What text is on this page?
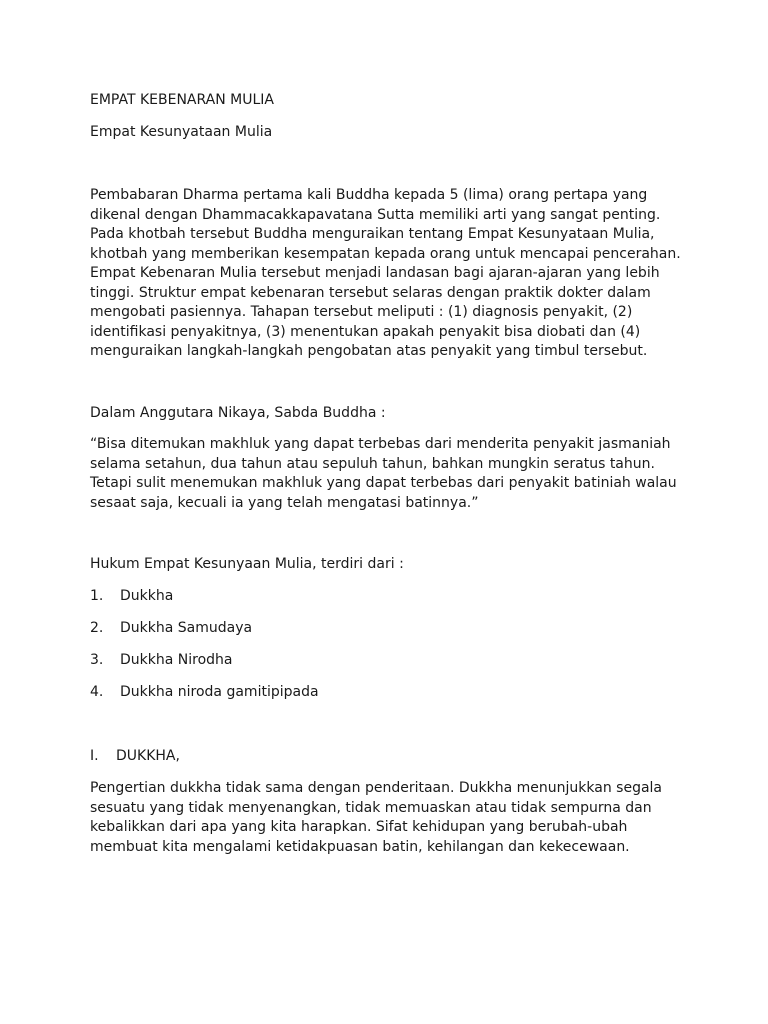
EMPAT KEBENARAN MULIA
Empat Kesunyataan Mulia

Pembabaran Dharma pertama kali Buddha kepada 5 (lima) orang pertapa yang

dikenal dengan Dhammacakkapavatana Sutta memiliki arti yang sangat penting.

Pada khotbah tersebut Buddha menguraikan tentang Empat Kesunyataan Mulia,

khotbah yang memberikan kesempatan kepada orang untuk mencapai pencerahan.

Empat Kebenaran Mulia tersebut menjadi landasan bagi ajaran-ajaran yang lebih

tinggi. Struktur empat kebenaran tersebut selaras dengan praktik dokter dalam

mengobati pasiennya. Tahapan tersebut meliputi : (1) diagnosis penyakit, (2)

identifikasi penyakitnya, (3) menentukan apakah penyakit bisa diobati dan (4)

menguraikan langkah-langkah pengobatan atas penyakit yang timbul tersebut.

Dalam Anggutara Nikaya, Sabda Buddha :

“Bisa ditemukan makhluk yang dapat terbebas dari menderita penyakit jasmaniah

selama setahun, dua tahun atau sepuluh tahun, bahkan mungkin seratus tahun.

Tetapi sulit menemukan makhluk yang dapat terbebas dari penyakit batiniah walau

sesaat saja, kecuali ia yang telah mengatasi batinnya.”

Hukum Empat Kesunyaan Mulia, terdiri dari :
1. Dukkha
2. Dukkha Samudaya
3. Dukkha Nirodha
4. Dukkha niroda gamitipipada
I. DUKKHA,

Pengertian dukkha tidak sama dengan penderitaan. Dukkha menunjukkan segala

sesuatu yang tidak menyenangkan, tidak memuaskan atau tidak sempurna dan

kebalikkan dari apa yang kita harapkan. Sifat kehidupan yang berubah-ubah

membuat kita mengalami ketidakpuasan batin, kehilangan dan kekecewaan.
